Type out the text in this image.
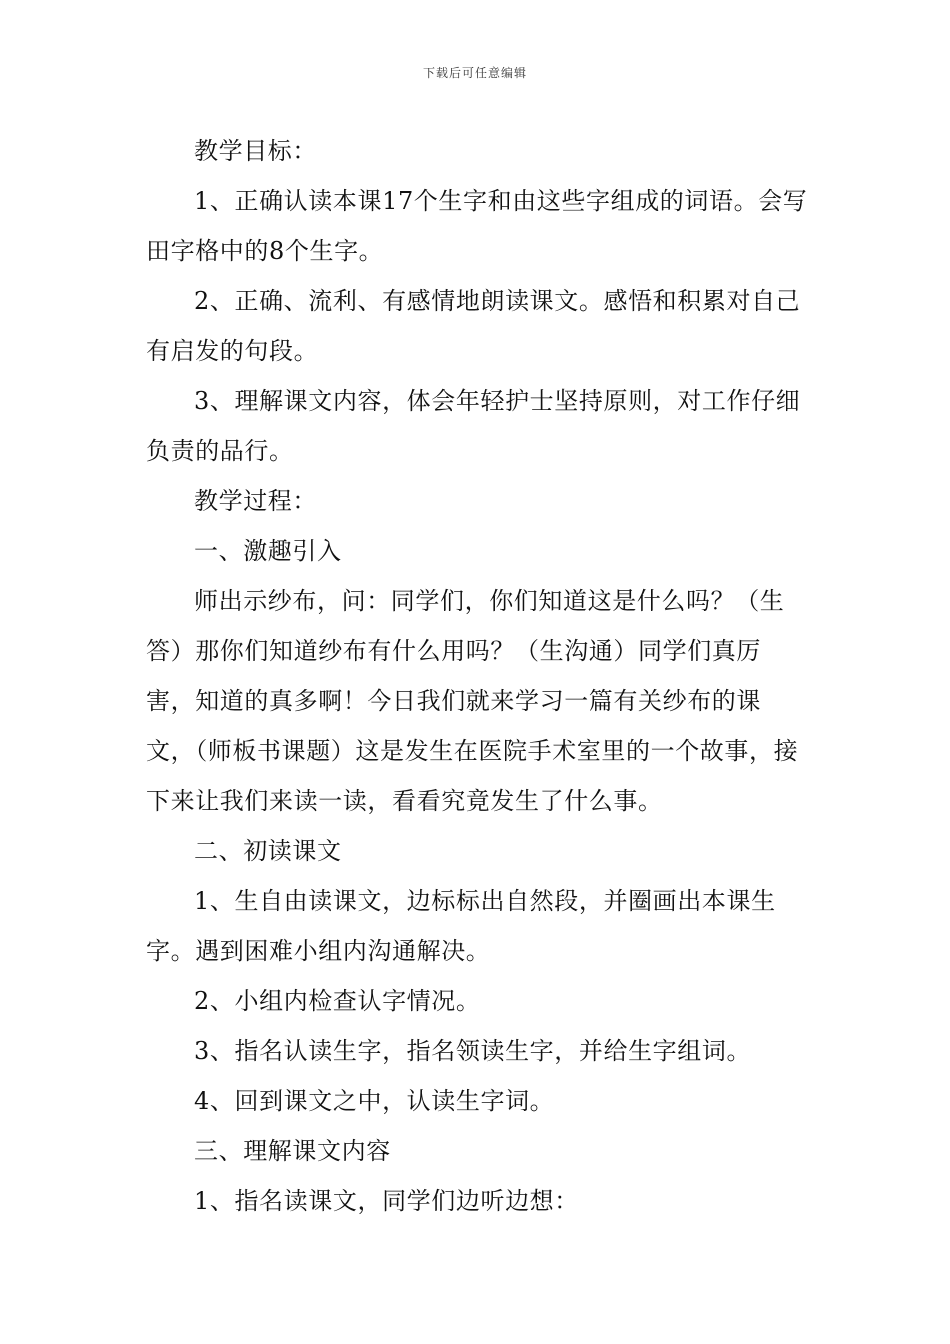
下载后可任意编辑

教学目标：

1、正确认读本课17个生字和由这些字组成的词语。会写田字格中的8个生字。

2、正确、流利、有感情地朗读课文。感悟和积累对自己有启发的句段。

3、理解课文内容，体会年轻护士坚持原则，对工作仔细负责的品行。

教学过程：

一、激趣引入

师出示纱布，问：同学们，你们知道这是什么吗？（生答）那你们知道纱布有什么用吗？（生沟通）同学们真厉害，知道的真多啊！今日我们就来学习一篇有关纱布的课文，（师板书课题）这是发生在医院手术室里的一个故事，接下来让我们来读一读，看看究竟发生了什么事。

二、初读课文

1、生自由读课文，边标标出自然段，并圈画出本课生字。遇到困难小组内沟通解决。

2、小组内检查认字情况。

3、指名认读生字，指名领读生字，并给生字组词。

4、回到课文之中，认读生字词。

三、理解课文内容

1、指名读课文，同学们边听边想：
